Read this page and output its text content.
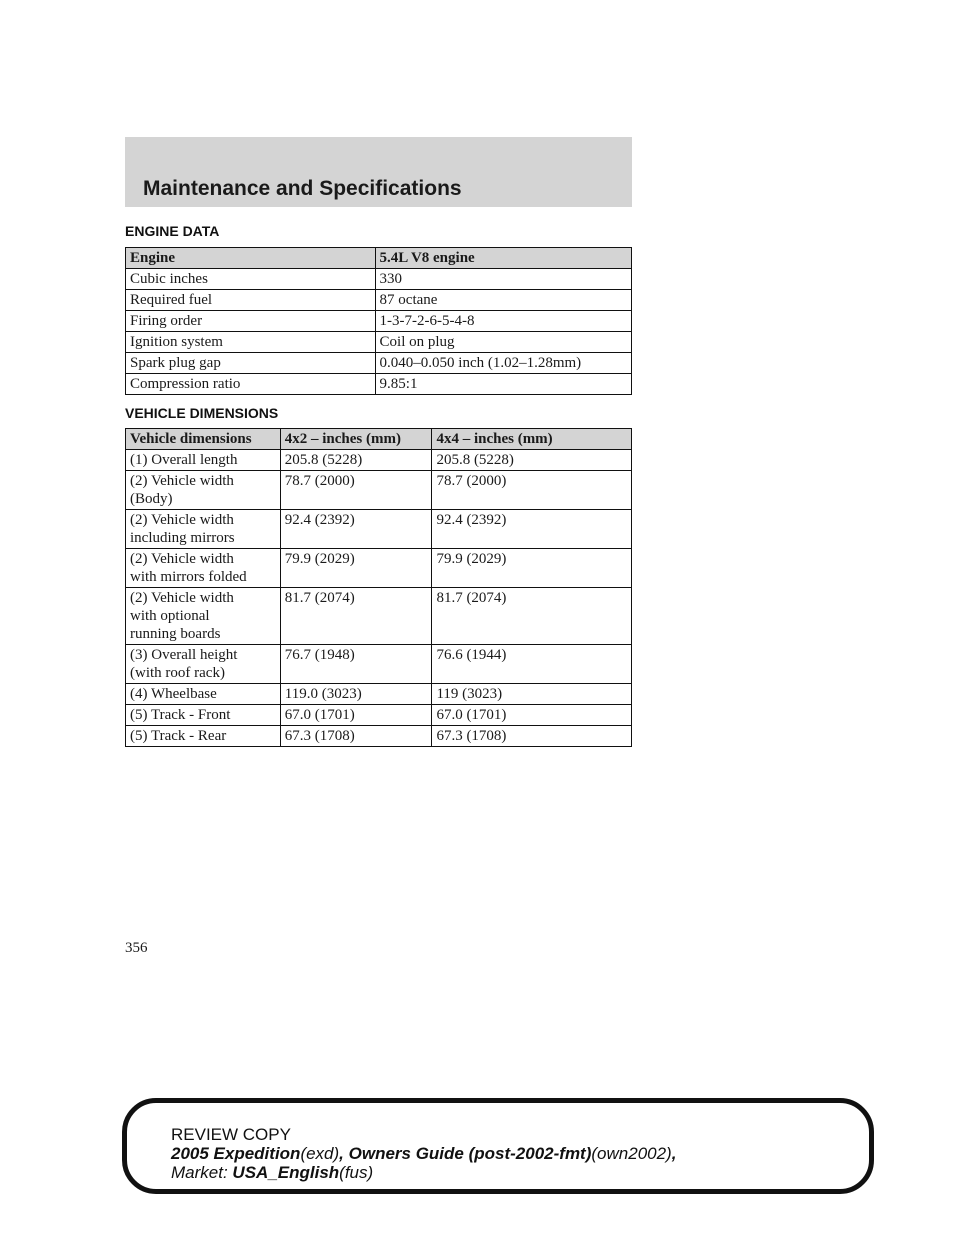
Maintenance and Specifications
ENGINE DATA
Engine	5.4L V8 engine
Cubic inches	330
Required fuel	87 octane
Firing order	1-3-7-2-6-5-4-8
Ignition system	Coil on plug
Spark plug gap	0.040–0.050 inch (1.02–1.28mm)
Compression ratio	9.85:1
VEHICLE DIMENSIONS
Vehicle dimensions	4x2 – inches (mm)	4x4 – inches (mm)

(1) Overall length	205.8 (5228)	205.8 (5228)

(2) Vehicle width
(Body)	78.7 (2000)	78.7 (2000)

(2) Vehicle width
including mirrors	92.4 (2392)	92.4 (2392)

(2) Vehicle width
with mirrors folded	79.9 (2029)	79.9 (2029)

(2) Vehicle width
with optional
running boards	81.7 (2074)	81.7 (2074)

(3) Overall height
(with roof rack)	76.7 (1948)	76.6 (1944)

(4) Wheelbase	119.0 (3023)	119 (3023)

(5) Track - Front	67.0 (1701)	67.0 (1701)

(5) Track - Rear	67.3 (1708)	67.3 (1708)
356
REVIEW COPY
2005 Expedition(exd), Owners Guide (post-2002-fmt)(own2002),
Market: USA_English(fus)
